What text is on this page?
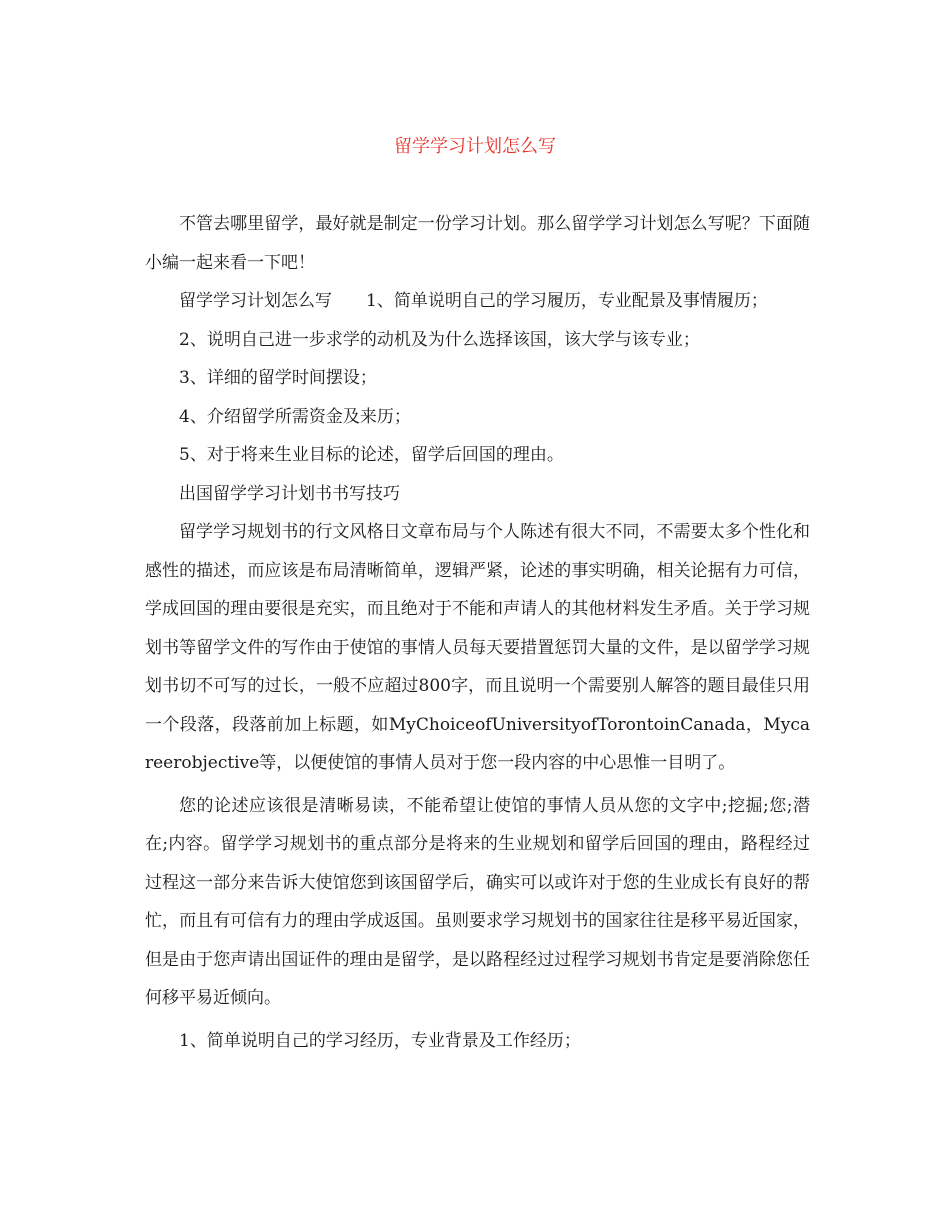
留学学习计划怎么写

不管去哪里留学，最好就是制定一份学习计划。那么留学学习计划怎么写呢？下面随小编一起来看一下吧！

留学学习计划怎么写　　1、简单说明自己的学习履历，专业配景及事情履历；

2、说明自己进一步求学的动机及为什么选择该国，该大学与该专业；

3、详细的留学时间摆设；

4、介绍留学所需资金及来历；

5、对于将来生业目标的论述，留学后回国的理由。

出国留学学习计划书书写技巧

留学学习规划书的行文风格日文章布局与个人陈述有很大不同，不需要太多个性化和感性的描述，而应该是布局清晰简单，逻辑严紧，论述的事实明确，相关论据有力可信，学成回国的理由要很是充实，而且绝对于不能和声请人的其他材料发生矛盾。关于学习规划书等留学文件的写作由于使馆的事情人员每天要措置惩罚大量的文件，是以留学学习规划书切不可写的过长，一般不应超过800字，而且说明一个需要别人解答的题目最佳只用一个段落，段落前加上标题，如MyChoiceofUniversityofTorontoinCanada，Mycareerobjective等，以便使馆的事情人员对于您一段内容的中心思惟一目明了。

您的论述应该很是清晰易读，不能希望让使馆的事情人员从您的文字中;挖掘;您;潜在;内容。留学学习规划书的重点部分是将来的生业规划和留学后回国的理由，路程经过过程这一部分来告诉大使馆您到该国留学后，确实可以或许对于您的生业成长有良好的帮忙，而且有可信有力的理由学成返国。虽则要求学习规划书的国家往往是移平易近国家，但是由于您声请出国证件的理由是留学，是以路程经过过程学习规划书肯定是要消除您任何移平易近倾向。

1、简单说明自己的学习经历，专业背景及工作经历；
